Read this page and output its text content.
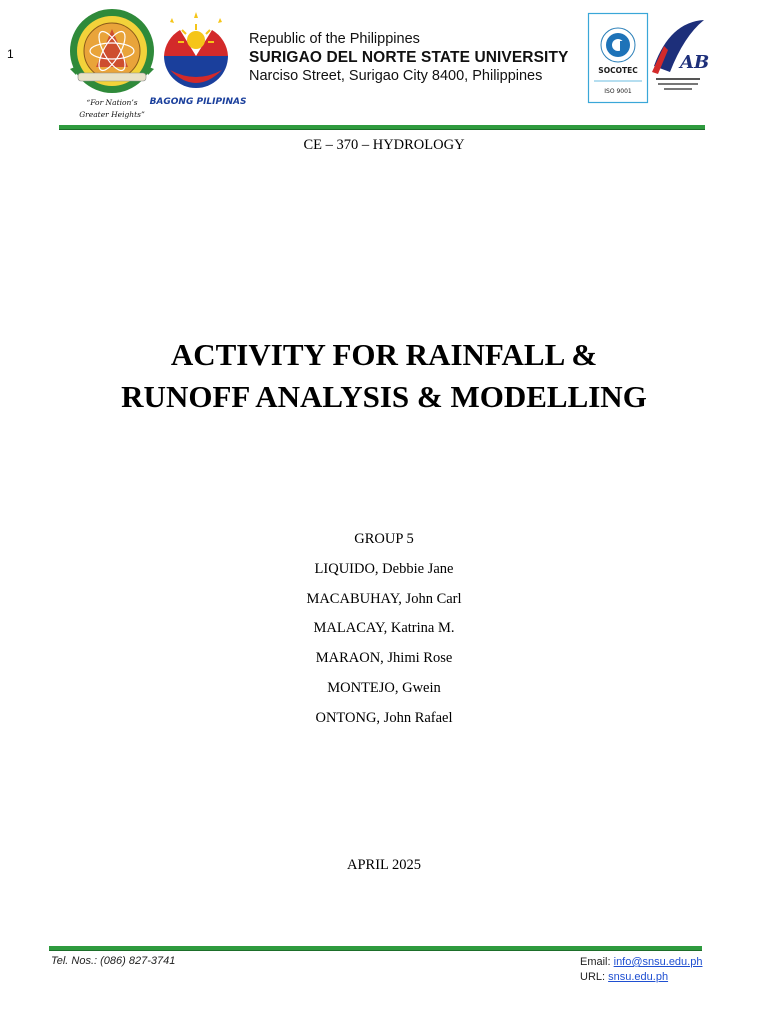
1
“For Nation’s
Greater Heights”
BAGONG PILIPINAS
Republic of the Philippines
SURIGAO DEL NORTE STATE UNIVERSITY
Narciso Street, Surigao City 8400, Philippines	SOCOTEC
ISO 9001
AB
CE – 370 – HYDROLOGY
ACTIVITY FOR RAINFALL &
RUNOFF ANALYSIS & MODELLING
GROUP 5
LIQUIDO, Debbie Jane
MACABUHAY, John Carl
MALACAY, Katrina M.
MARAON, Jhimi Rose
MONTEJO, Gwein
ONTONG, John Rafael
APRIL 2025
Tel. Nos.: (086) 827-3741	Email: info@snsu.edu.ph
URL: snsu.edu.ph
